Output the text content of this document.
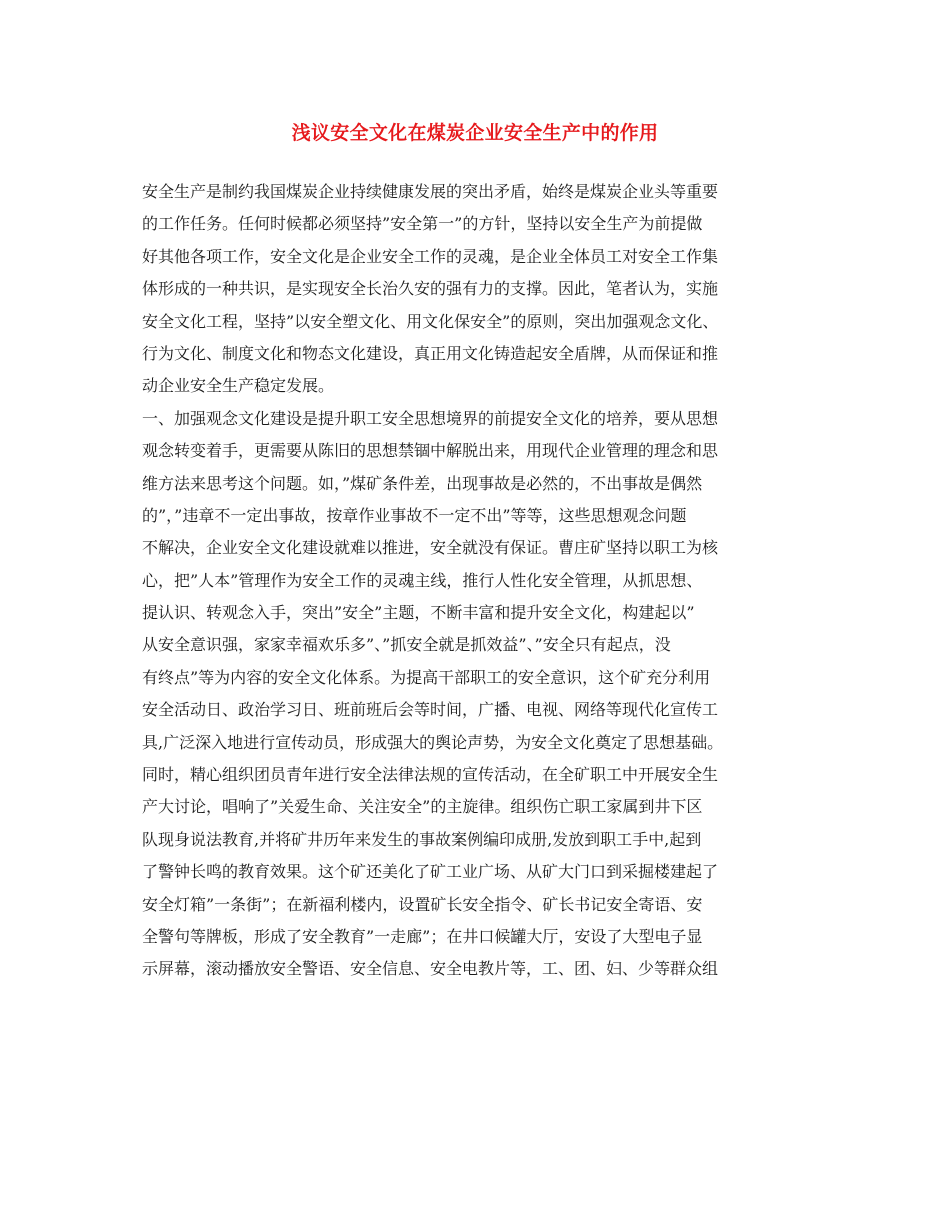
浅议安全文化在煤炭企业安全生产中的作用
安全生产是制约我国煤炭企业持续健康发展的突出矛盾，始终是煤炭企业头等重要
的工作任务。任何时候都必须坚持”安全第一”的方针，坚持以安全生产为前提做
好其他各项工作，安全文化是企业安全工作的灵魂，是企业全体员工对安全工作集
体形成的一种共识，是实现安全长治久安的强有力的支撑。因此，笔者认为，实施
安全文化工程，坚持”以安全塑文化、用文化保安全”的原则，突出加强观念文化、
行为文化、制度文化和物态文化建设，真正用文化铸造起安全盾牌，从而保证和推
动企业安全生产稳定发展。
一、加强观念文化建设是提升职工安全思想境界的前提安全文化的培养，要从思想
观念转变着手，更需要从陈旧的思想禁锢中解脱出来，用现代企业管理的理念和思
维方法来思考这个问题。如，”煤矿条件差，出现事故是必然的，不出事故是偶然
的”，”违章不一定出事故，按章作业事故不一定不出”等等，这些思想观念问题
不解决，企业安全文化建设就难以推进，安全就没有保证。曹庄矿坚持以职工为核
心，把”人本”管理作为安全工作的灵魂主线，推行人性化安全管理，从抓思想、
提认识、转观念入手，突出”安全”主题，不断丰富和提升安全文化，构建起以”
从安全意识强，家家幸福欢乐多”、”抓安全就是抓效益”、”安全只有起点，没
有终点”等为内容的安全文化体系。为提高干部职工的安全意识，这个矿充分利用
安全活动日、政治学习日、班前班后会等时间，广播、电视、网络等现代化宣传工
具,广泛深入地进行宣传动员，形成强大的舆论声势，为安全文化奠定了思想基础。
同时，精心组织团员青年进行安全法律法规的宣传活动，在全矿职工中开展安全生
产大讨论，唱响了”关爱生命、关注安全”的主旋律。组织伤亡职工家属到井下区
队现身说法教育,并将矿井历年来发生的事故案例编印成册,发放到职工手中,起到
了警钟长鸣的教育效果。这个矿还美化了矿工业广场、从矿大门口到采掘楼建起了
安全灯箱”一条街”；在新福利楼内，设置矿长安全指令、矿长书记安全寄语、安
全警句等牌板，形成了安全教育”一走廊”；在井口候罐大厅，安设了大型电子显
示屏幕，滚动播放安全警语、安全信息、安全电教片等，工、团、妇、少等群众组
